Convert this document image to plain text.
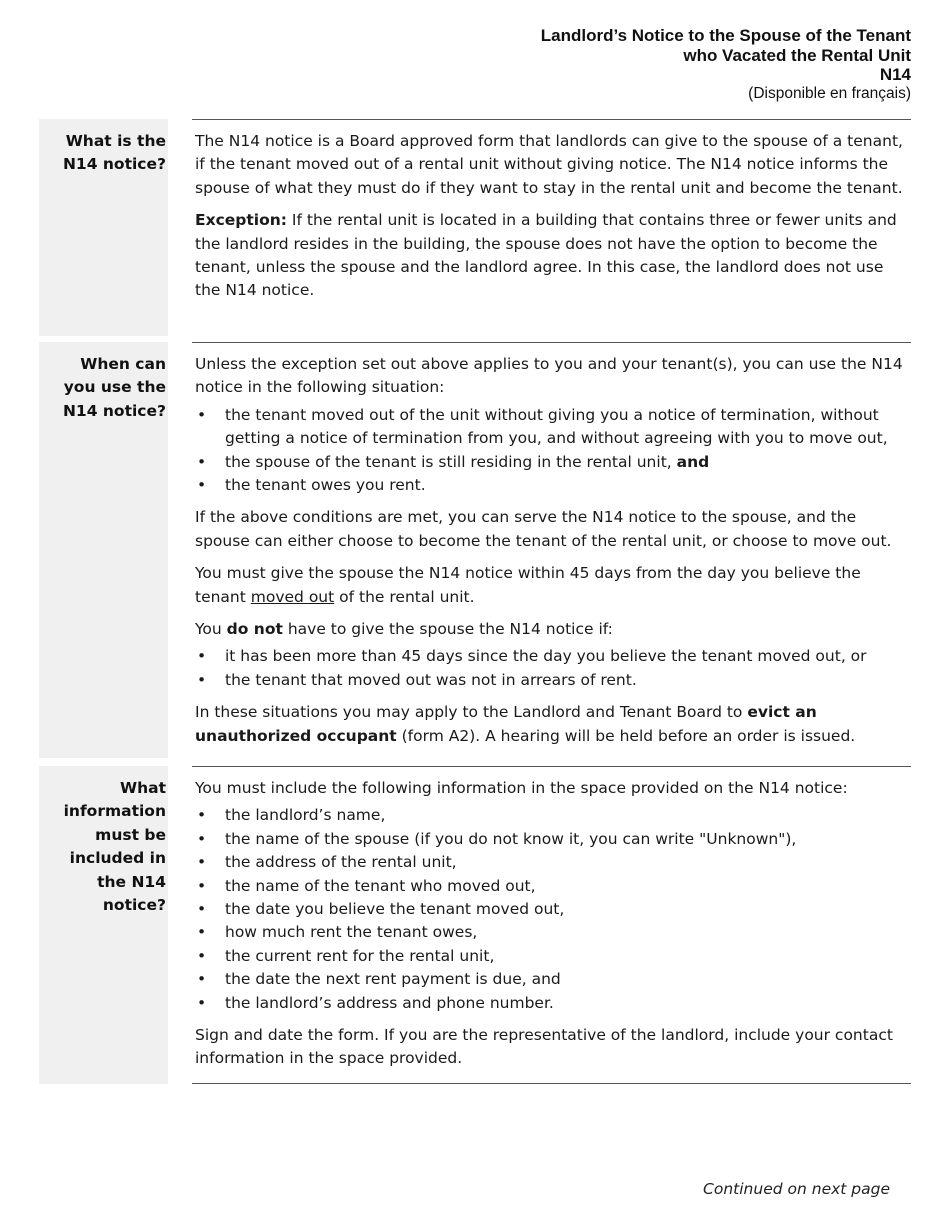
Landlord’s Notice to the Spouse of the Tenant
who Vacated the Rental Unit
N14
(Disponible en français)
What is the N14 notice?

The N14 notice is a Board approved form that landlords can give to the spouse of a tenant, if the tenant moved out of a rental unit without giving notice. The N14 notice informs the spouse of what they must do if they want to stay in the rental unit and become the tenant.

Exception: If the rental unit is located in a building that contains three or fewer units and the landlord resides in the building, the spouse does not have the option to become the tenant, unless the spouse and the landlord agree. In this case, the landlord does not use the N14 notice.

When can you use the N14 notice?

Unless the exception set out above applies to you and your tenant(s), you can use the N14 notice in the following situation:

• the tenant moved out of the unit without giving you a notice of termination, without getting a notice of termination from you, and without agreeing with you to move out,
• the spouse of the tenant is still residing in the rental unit, and
• the tenant owes you rent.

If the above conditions are met, you can serve the N14 notice to the spouse, and the spouse can either choose to become the tenant of the rental unit, or choose to move out.

You must give the spouse the N14 notice within 45 days from the day you believe the tenant moved out of the rental unit.

You do not have to give the spouse the N14 notice if:

• it has been more than 45 days since the day you believe the tenant moved out, or
• the tenant that moved out was not in arrears of rent.

In these situations you may apply to the Landlord and Tenant Board to evict an unauthorized occupant (form A2). A hearing will be held before an order is issued.

What information must be included in the N14 notice?

You must include the following information in the space provided on the N14 notice:

• the landlord’s name,
• the name of the spouse (if you do not know it, you can write "Unknown"),
• the address of the rental unit,
• the name of the tenant who moved out,
• the date you believe the tenant moved out,
• how much rent the tenant owes,
• the current rent for the rental unit,
• the date the next rent payment is due, and
• the landlord’s address and phone number.

Sign and date the form. If you are the representative of the landlord, include your contact information in the space provided.

Continued on next page
